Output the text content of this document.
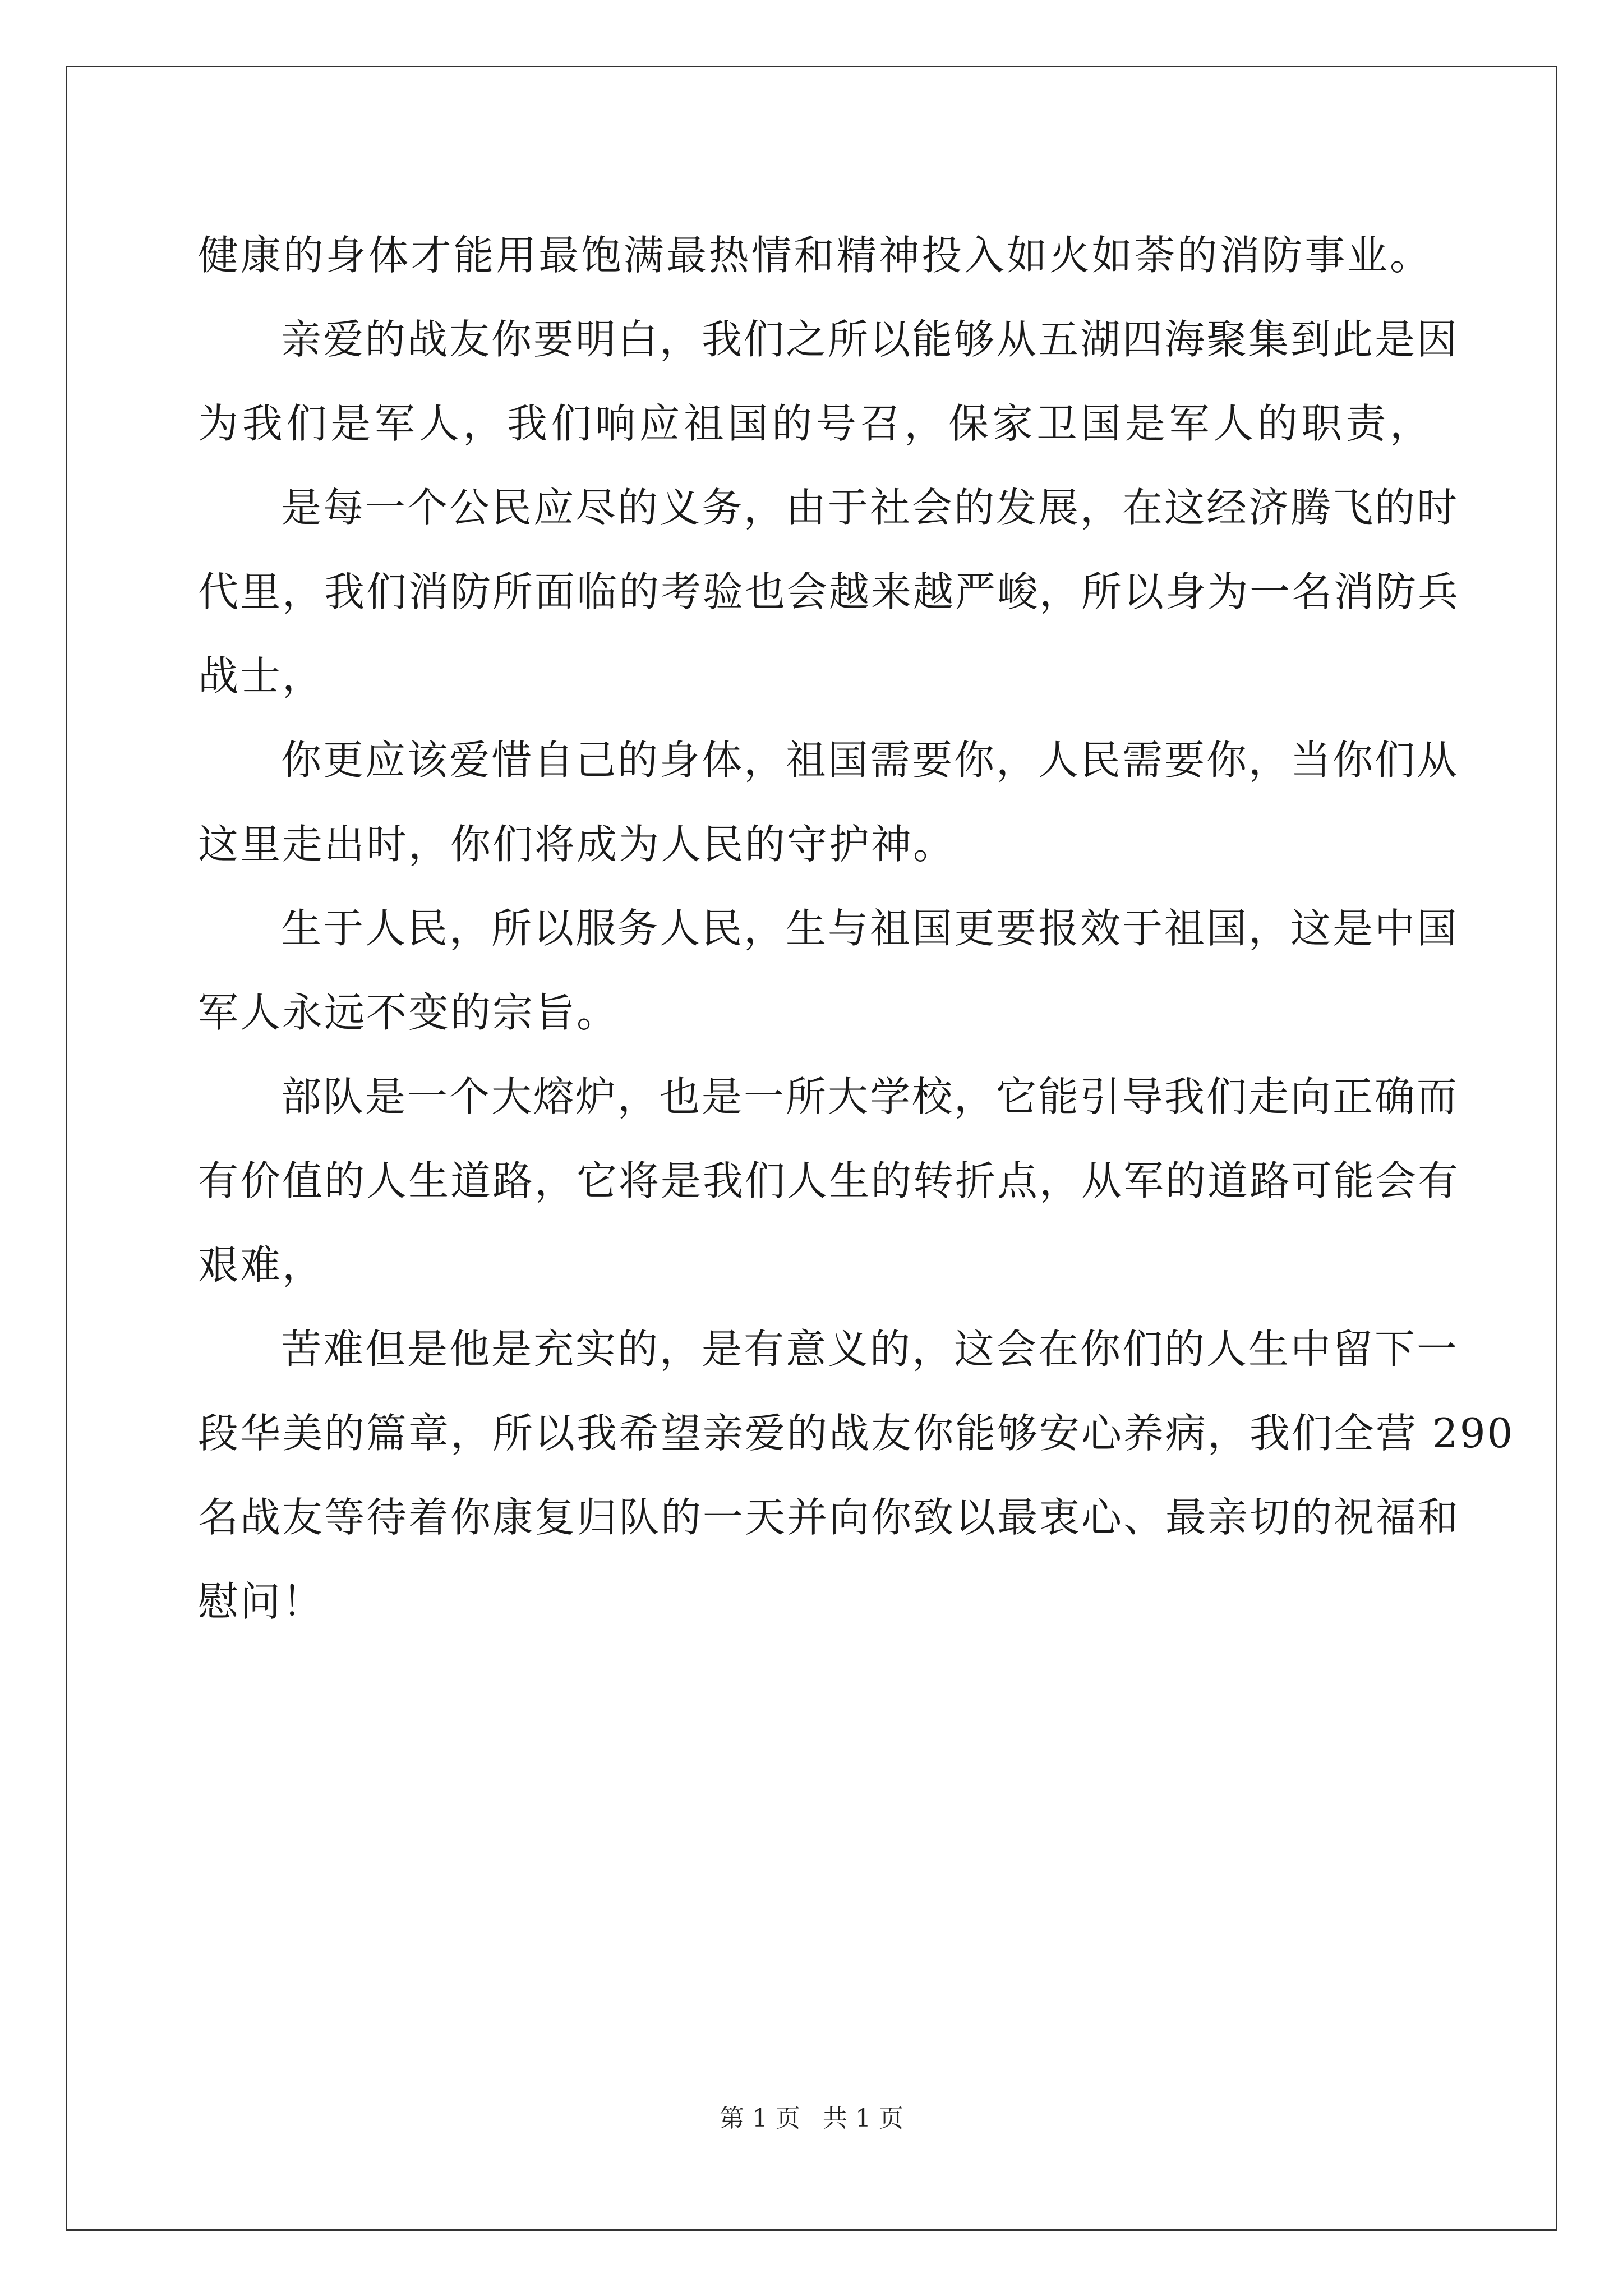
健康的身体才能用最饱满最热情和精神投入如火如荼的消防事业。
亲爱的战友你要明白，我们之所以能够从五湖四海聚集到此是因
为我们是军人，我们响应祖国的号召，保家卫国是军人的职责，
是每一个公民应尽的义务，由于社会的发展，在这经济腾飞的时
代里，我们消防所面临的考验也会越来越严峻，所以身为一名消防兵
战士，
你更应该爱惜自己的身体，祖国需要你，人民需要你，当你们从
这里走出时，你们将成为人民的守护神。
生于人民，所以服务人民，生与祖国更要报效于祖国，这是中国
军人永远不变的宗旨。
部队是一个大熔炉，也是一所大学校，它能引导我们走向正确而
有价值的人生道路，它将是我们人生的转折点，从军的道路可能会有
艰难，
苦难但是他是充实的，是有意义的，这会在你们的人生中留下一
段华美的篇章，所以我希望亲爱的战友你能够安心养病，我们全营 290
名战友等待着你康复归队的一天并向你致以最衷心、最亲切的祝福和
慰问！
第 1 页 共 1 页
